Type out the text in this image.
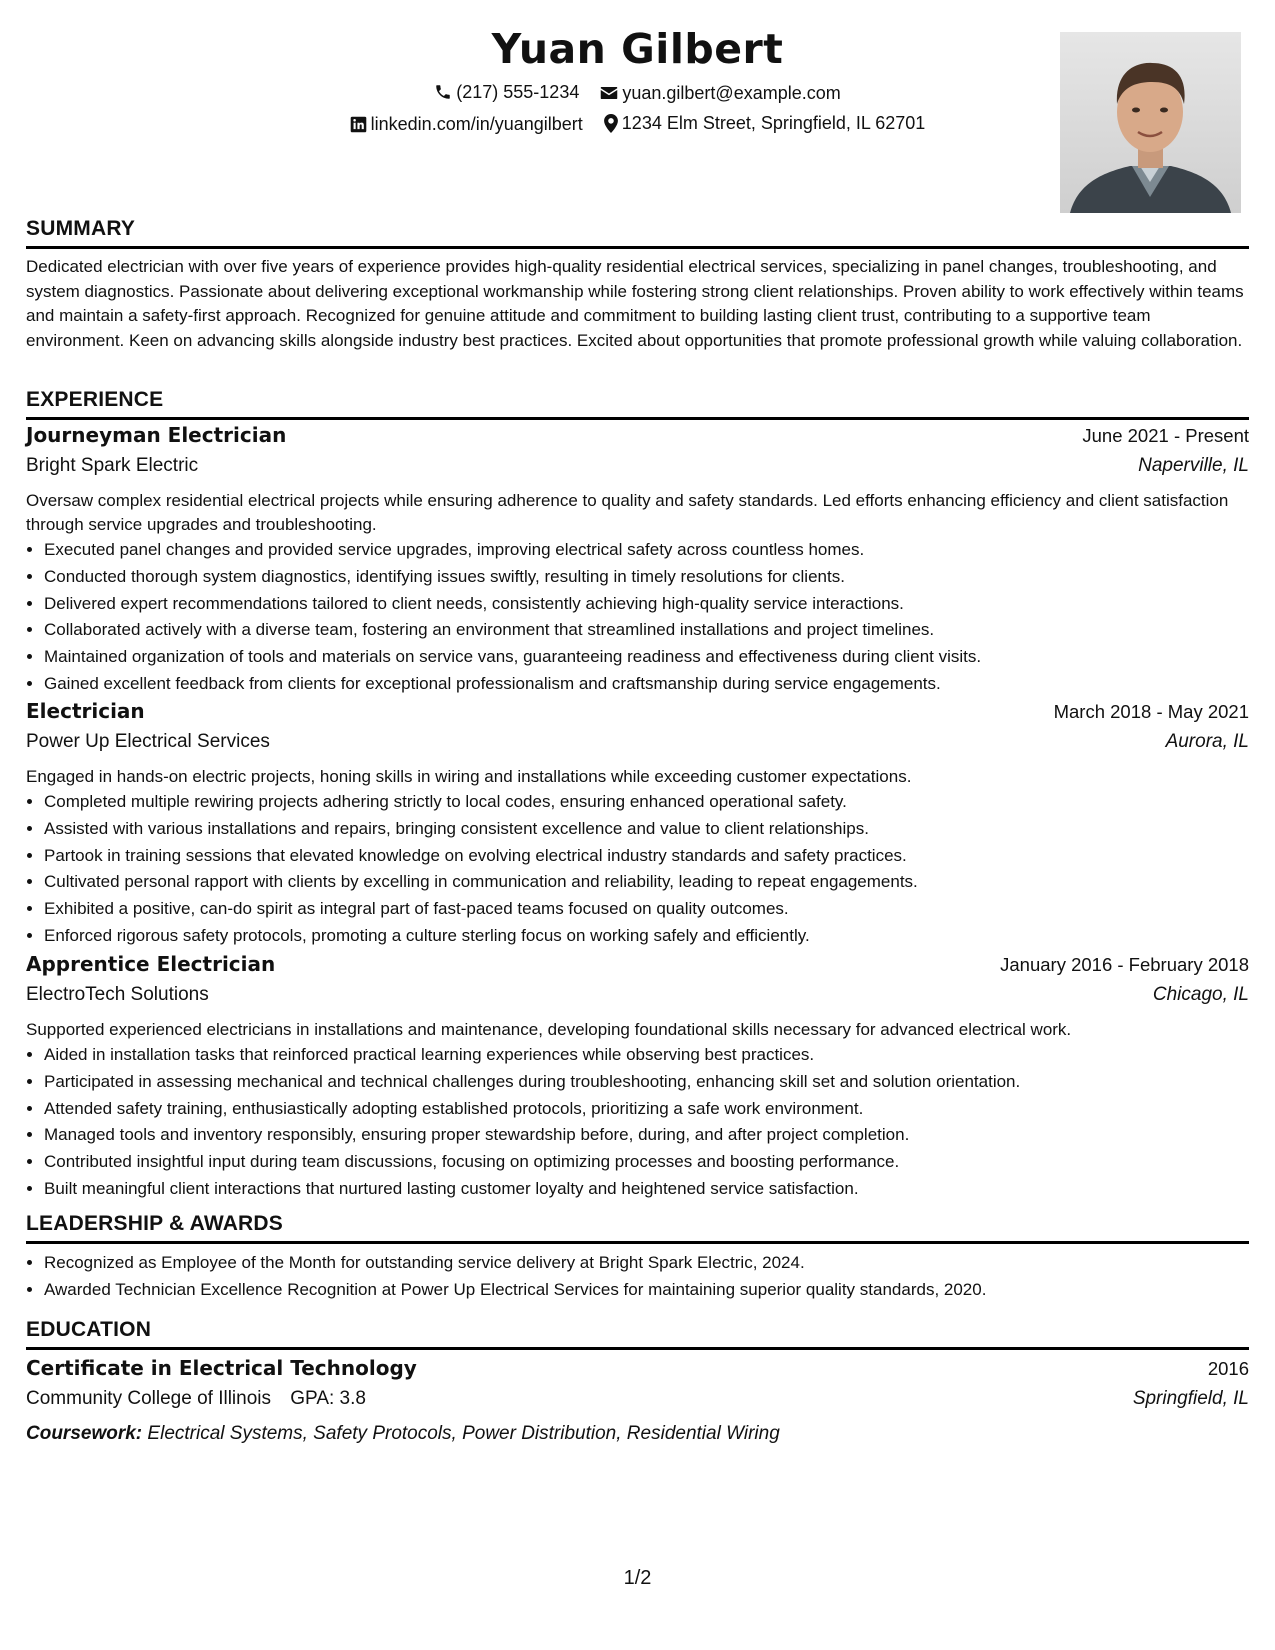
Yuan Gilbert
(217) 555-1234
yuan.gilbert@example.com
linkedin.com/in/yuangilbert
1234 Elm Street, Springfield, IL 62701
SUMMARY

Dedicated electrician with over five years of experience provides high-quality residential electrical services, specializing in panel changes, troubleshooting, and system diagnostics. Passionate about delivering exceptional workmanship while fostering strong client relationships. Proven ability to work effectively within teams and maintain a safety-first approach. Recognized for genuine attitude and commitment to building lasting client trust, contributing to a supportive team environment. Keen on advancing skills alongside industry best practices. Excited about opportunities that promote professional growth while valuing collaboration.

EXPERIENCE
Journeyman Electrician	June 2021 - Present
Bright Spark Electric	Naperville, IL
Oversaw complex residential electrical projects while ensuring adherence to quality and safety standards. Led efforts enhancing efficiency and client satisfaction through service upgrades and troubleshooting.
• Executed panel changes and provided service upgrades, improving electrical safety across countless homes.
• Conducted thorough system diagnostics, identifying issues swiftly, resulting in timely resolutions for clients.
• Delivered expert recommendations tailored to client needs, consistently achieving high-quality service interactions.
• Collaborated actively with a diverse team, fostering an environment that streamlined installations and project timelines.
• Maintained organization of tools and materials on service vans, guaranteeing readiness and effectiveness during client visits.
• Gained excellent feedback from clients for exceptional professionalism and craftsmanship during service engagements.
Electrician	March 2018 - May 2021
Power Up Electrical Services	Aurora, IL
Engaged in hands-on electric projects, honing skills in wiring and installations while exceeding customer expectations.
• Completed multiple rewiring projects adhering strictly to local codes, ensuring enhanced operational safety.
• Assisted with various installations and repairs, bringing consistent excellence and value to client relationships.
• Partook in training sessions that elevated knowledge on evolving electrical industry standards and safety practices.
• Cultivated personal rapport with clients by excelling in communication and reliability, leading to repeat engagements.
• Exhibited a positive, can-do spirit as integral part of fast-paced teams focused on quality outcomes.
• Enforced rigorous safety protocols, promoting a culture sterling focus on working safely and efficiently.
Apprentice Electrician	January 2016 - February 2018
ElectroTech Solutions	Chicago, IL
Supported experienced electricians in installations and maintenance, developing foundational skills necessary for advanced electrical work.
• Aided in installation tasks that reinforced practical learning experiences while observing best practices.
• Participated in assessing mechanical and technical challenges during troubleshooting, enhancing skill set and solution orientation.
• Attended safety training, enthusiastically adopting established protocols, prioritizing a safe work environment.
• Managed tools and inventory responsibly, ensuring proper stewardship before, during, and after project completion.
• Contributed insightful input during team discussions, focusing on optimizing processes and boosting performance.
• Built meaningful client interactions that nurtured lasting customer loyalty and heightened service satisfaction.
LEADERSHIP & AWARDS
• Recognized as Employee of the Month for outstanding service delivery at Bright Spark Electric, 2024.
• Awarded Technician Excellence Recognition at Power Up Electrical Services for maintaining superior quality standards, 2020.
EDUCATION
Certificate in Electrical Technology	2016
Community College of Illinois GPA: 3.8	Springfield, IL
Coursework: Electrical Systems, Safety Protocols, Power Distribution, Residential Wiring
1/2
